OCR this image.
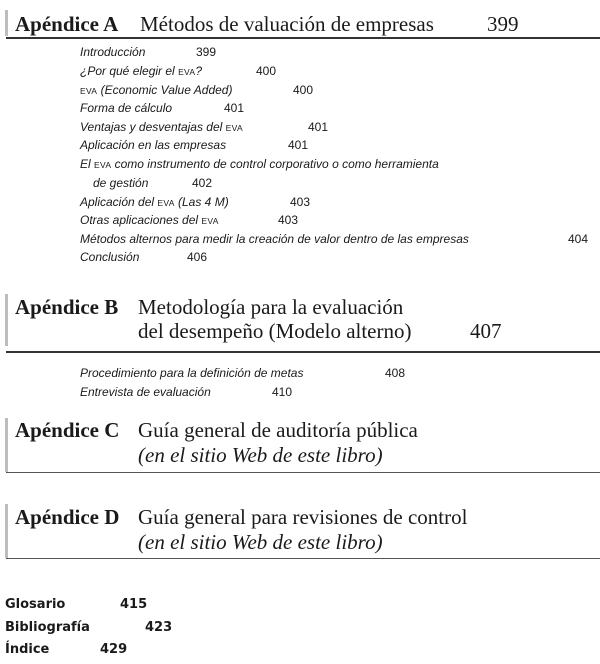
Apéndice A Métodos de valuación de empresas	399
Introducción	399
¿Por qué elegir el EVA?	400
EVA (Economic Value Added)	400
Forma de cálculo	401
Ventajas y desventajas del EVA	401
Aplicación en las empresas	401
El EVA como instrumento de control corporativo o como herramienta
de gestión	402
Aplicación del EVA (Las 4 M)	403
Otras aplicaciones del EVA	403
Métodos alternos para medir la creación de valor dentro de las empresas	404
Conclusión	406
Apéndice B Metodología para la evaluación
del desempeño (Modelo alterno)	407
Procedimiento para la definición de metas	408
Entrevista de evaluación	410
Apéndice C Guía general de auditoría pública
(en el sitio Web de este libro)
Apéndice D Guía general para revisiones de control
(en el sitio Web de este libro)
Glosario	415
Bibliografía	423
Índice	429
